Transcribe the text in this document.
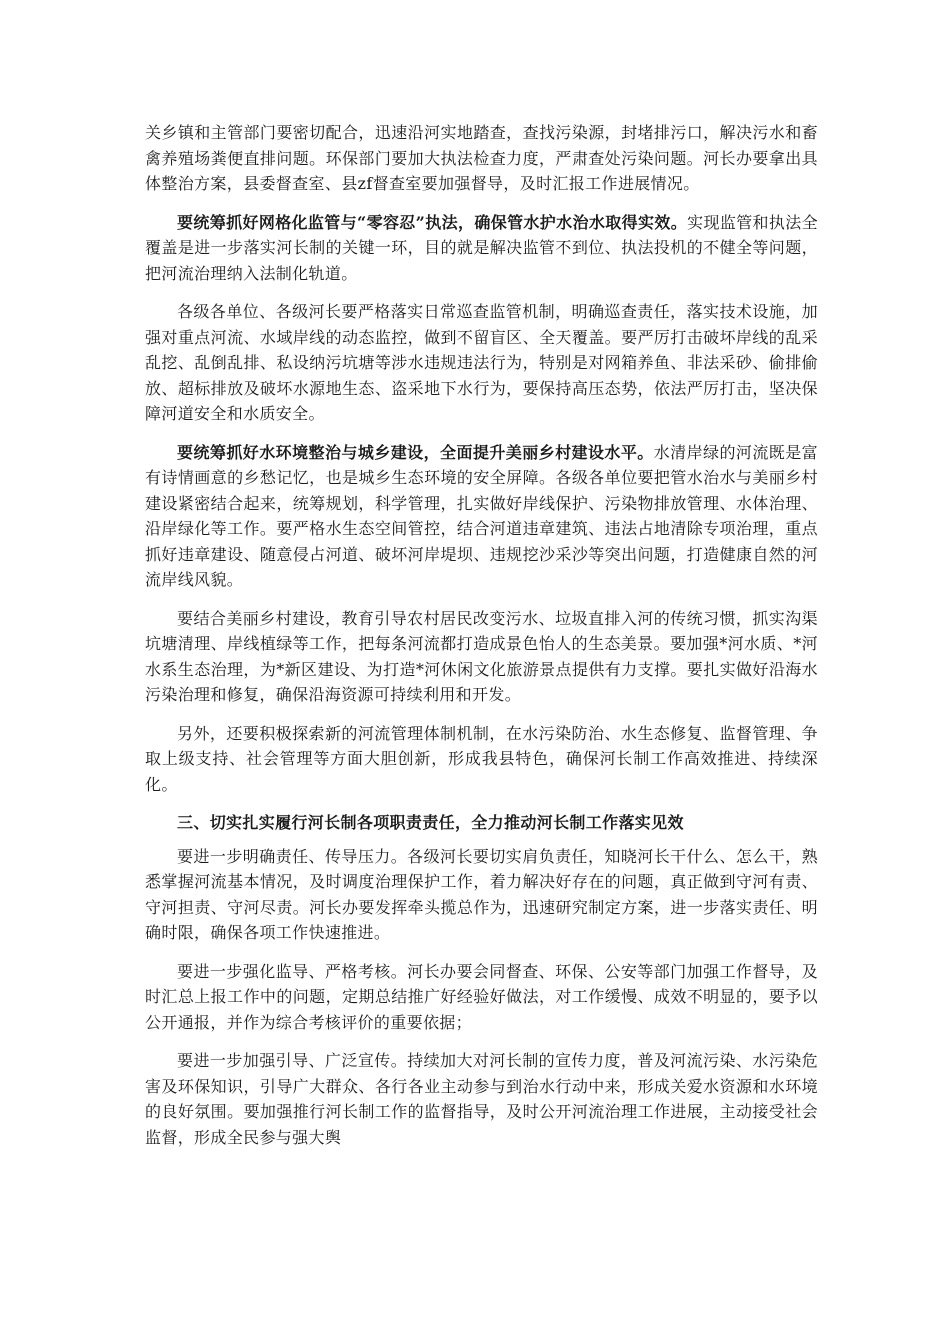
关乡镇和主管部门要密切配合，迅速沿河实地踏查，查找污染源，封堵排污口，解决污水和畜禽养殖场粪便直排问题。环保部门要加大执法检查力度，严肃查处污染问题。河长办要拿出具体整治方案，县委督查室、县zf督查室要加强督导，及时汇报工作进展情况。

要统筹抓好网格化监管与“零容忍”执法，确保管水护水治水取得实效。实现监管和执法全覆盖是进一步落实河长制的关键一环，目的就是解决监管不到位、执法投机的不健全等问题，把河流治理纳入法制化轨道。

各级各单位、各级河长要严格落实日常巡查监管机制，明确巡查责任，落实技术设施，加强对重点河流、水域岸线的动态监控，做到不留盲区、全天覆盖。要严厉打击破坏岸线的乱采乱挖、乱倒乱排、私设纳污坑塘等涉水违规违法行为，特别是对网箱养鱼、非法采砂、偷排偷放、超标排放及破坏水源地生态、盗采地下水行为，要保持高压态势，依法严厉打击，坚决保障河道安全和水质安全。

要统筹抓好水环境整治与城乡建设，全面提升美丽乡村建设水平。水清岸绿的河流既是富有诗情画意的乡愁记忆，也是城乡生态环境的安全屏障。各级各单位要把管水治水与美丽乡村建设紧密结合起来，统筹规划，科学管理，扎实做好岸线保护、污染物排放管理、水体治理、沿岸绿化等工作。要严格水生态空间管控，结合河道违章建筑、违法占地清除专项治理，重点抓好违章建设、随意侵占河道、破坏河岸堤坝、违规挖沙采沙等突出问题，打造健康自然的河流岸线风貌。

要结合美丽乡村建设，教育引导农村居民改变污水、垃圾直排入河的传统习惯，抓实沟渠坑塘清理、岸线植绿等工作，把每条河流都打造成景色怡人的生态美景。要加强*河水质、*河水系生态治理，为*新区建设、为打造*河休闲文化旅游景点提供有力支撑。要扎实做好沿海水污染治理和修复，确保沿海资源可持续利用和开发。

另外，还要积极探索新的河流管理体制机制，在水污染防治、水生态修复、监督管理、争取上级支持、社会管理等方面大胆创新，形成我县特色，确保河长制工作高效推进、持续深化。

三、切实扎实履行河长制各项职责责任，全力推动河长制工作落实见效

要进一步明确责任、传导压力。各级河长要切实肩负责任，知晓河长干什么、怎么干，熟悉掌握河流基本情况，及时调度治理保护工作，着力解决好存在的问题，真正做到守河有责、守河担责、守河尽责。河长办要发挥牵头揽总作为，迅速研究制定方案，进一步落实责任、明确时限，确保各项工作快速推进。

要进一步强化监导、严格考核。河长办要会同督查、环保、公安等部门加强工作督导，及时汇总上报工作中的问题，定期总结推广好经验好做法，对工作缓慢、成效不明显的，要予以公开通报，并作为综合考核评价的重要依据；

要进一步加强引导、广泛宣传。持续加大对河长制的宣传力度，普及河流污染、水污染危害及环保知识，引导广大群众、各行各业主动参与到治水行动中来，形成关爱水资源和水环境的良好氛围。要加强推行河长制工作的监督指导，及时公开河流治理工作进展，主动接受社会监督，形成全民参与强大舆
